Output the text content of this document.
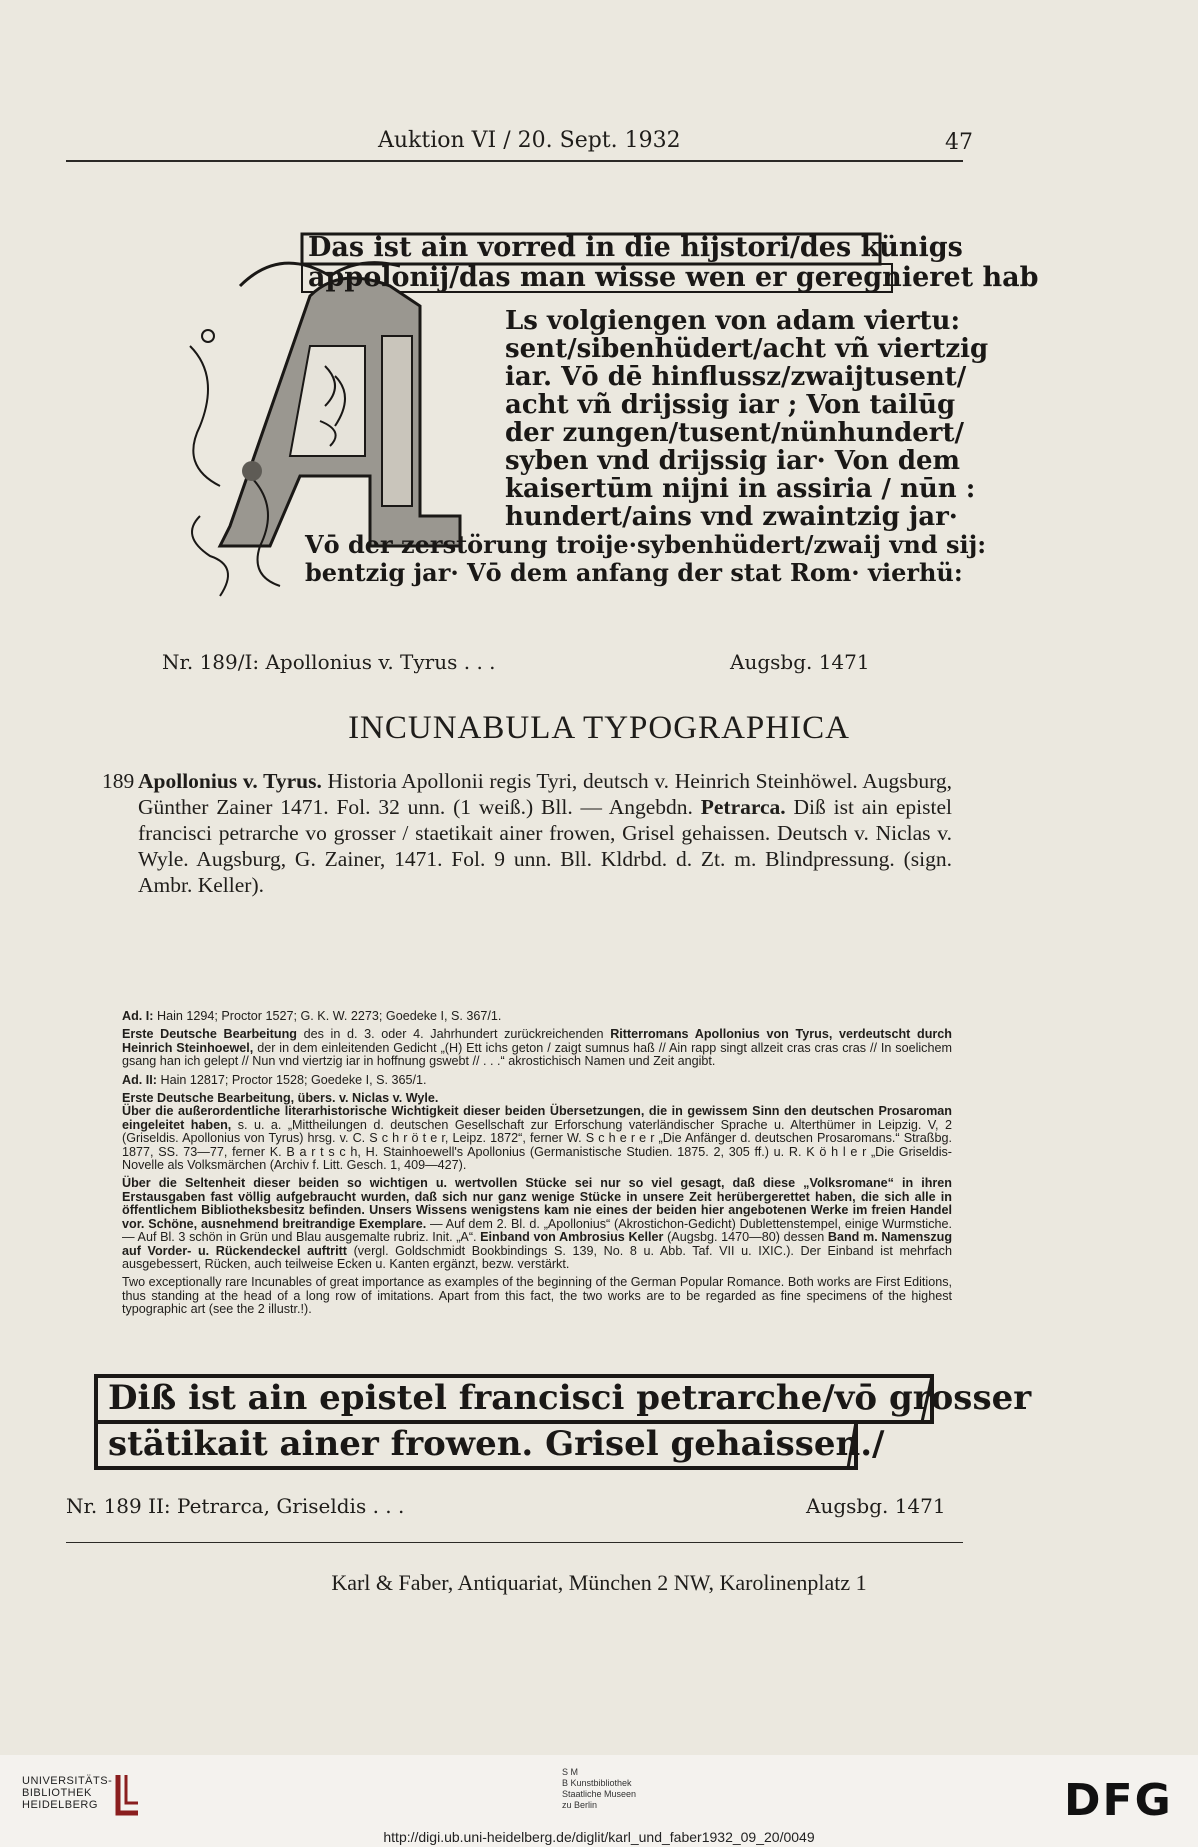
Auktion VI / 20. Sept. 1932	47
Das ist ain vorred in die hijstori/des künigs
appolonij/das man wisse wen er geregnieret hab
Ls volgiengen von adam viertu:
sent/sibenhüdert/acht vñ viertzig
iar. Vō dē hinflussz/zwaijtusent/
acht vñ drijssig iar ; Von tailūg
der zungen/tusent/nünhundert/
syben vnd drijssig iar· Von dem
kaisertūm nijni in assiria / nūn :
hundert/ains vnd zwaintzig jar·
Vō der zerstörung troije·sybenhüdert/zwaij vnd sij:
bentzig jar· Vō dem anfang der stat Rom· vierhü:
Nr. 189/I: Apollonius v. Tyrus . . .	Augsbg. 1471
INCUNABULA TYPOGRAPHICA
189 Apollonius v. Tyrus. Historia Apollonii regis Tyri, deutsch v. Heinrich Steinhöwel. Augsburg, Günther Zainer 1471. Fol. 32 unn. (1 weiß.) Bll. — Angebdn. Petrarca. Diß ist ain epistel francisci petrarche vo grosser / staetikait ainer frowen, Grisel gehaissen. Deutsch v. Niclas v. Wyle. Augsburg, G. Zainer, 1471. Fol. 9 unn. Bll. Kldrbd. d. Zt. m. Blindpressung. (sign. Ambr. Keller).

Ad. I: Hain 1294; Proctor 1527; G. K. W. 2273; Goedeke I, S. 367/1.

Erste Deutsche Bearbeitung des in d. 3. oder 4. Jahrhundert zurückreichenden Ritterromans Apollonius von Tyrus, verdeutscht durch Heinrich Steinhoewel, der in dem einleitenden Gedicht „(H) Ett ichs geton / zaigt sumnus haß // Ain rapp singt allzeit cras cras cras // In soelichem gsang han ich gelept // Nun vnd viertzig iar in hoffnung gswebt // . . .“ akrostichisch Namen und Zeit angibt.

Ad. II: Hain 12817; Proctor 1528; Goedeke I, S. 365/1.

Erste Deutsche Bearbeitung, übers. v. Niclas v. Wyle.
Über die außerordentliche literarhistorische Wichtigkeit dieser beiden Übersetzungen, die in gewissem Sinn den deutschen Prosaroman eingeleitet haben, s. u. a. „Mittheilungen d. deutschen Gesellschaft zur Erforschung vaterländischer Sprache u. Alterthümer in Leipzig. V, 2 (Griseldis. Apollonius von Tyrus) hrsg. v. C. S c h r ö t e r, Leipz. 1872“, ferner W. S c h e r e r „Die Anfänger d. deutschen Prosaromans.“ Straßbg. 1877, SS. 73—77, ferner K. B a r t s c h, H. Stainhoewell's Apollonius (Germanistische Studien. 1875. 2, 305 ff.) u. R. K ö h l e r „Die Griseldis-Novelle als Volksmärchen (Archiv f. Litt. Gesch. 1, 409—427).

Über die Seltenheit dieser beiden so wichtigen u. wertvollen Stücke sei nur so viel gesagt, daß diese „Volksromane“ in ihren Erstausgaben fast völlig aufgebraucht wurden, daß sich nur ganz wenige Stücke in unsere Zeit herübergerettet haben, die sich alle in öffentlichem Bibliotheksbesitz befinden. Unsers Wissens wenigstens kam nie eines der beiden hier angebotenen Werke im freien Handel vor. Schöne, ausnehmend breitrandige Exemplare. — Auf dem 2. Bl. d. „Apollonius“ (Akrostichon-Gedicht) Dublettenstempel, einige Wurmstiche. — Auf Bl. 3 schön in Grün und Blau ausgemalte rubriz. Init. „A“. Einband von Ambrosius Keller (Augsbg. 1470—80) dessen Band m. Namenszug auf Vorder- u. Rückendeckel auftritt (vergl. Goldschmidt Bookbindings S. 139, No. 8 u. Abb. Taf. VII u. IXIC.). Der Einband ist mehrfach ausgebessert, Rücken, auch teilweise Ecken u. Kanten ergänzt, bezw. verstärkt.

Two exceptionally rare Incunables of great importance as examples of the beginning of the German Popular Romance. Both works are First Editions, thus standing at the head of a long row of imitations. Apart from this fact, the two works are to be regarded as fine specimens of the highest typographic art (see the 2 illustr.!).

Diß ist ain epistel francisci petrarche/vō grosser
stätikait ainer frowen. Grisel gehaissen./
Nr. 189 II: Petrarca, Griseldis . . .	Augsbg. 1471
Karl & Faber, Antiquariat, München 2 NW, Karolinenplatz 1
UNIVERSITÄTS-
BIBLIOTHEK
HEIDELBERG
S M
B Kunstbibliothek
Staatliche Museen
zu Berlin	DFG
http://digi.ub.uni-heidelberg.de/diglit/karl_und_faber1932_09_20/0049
